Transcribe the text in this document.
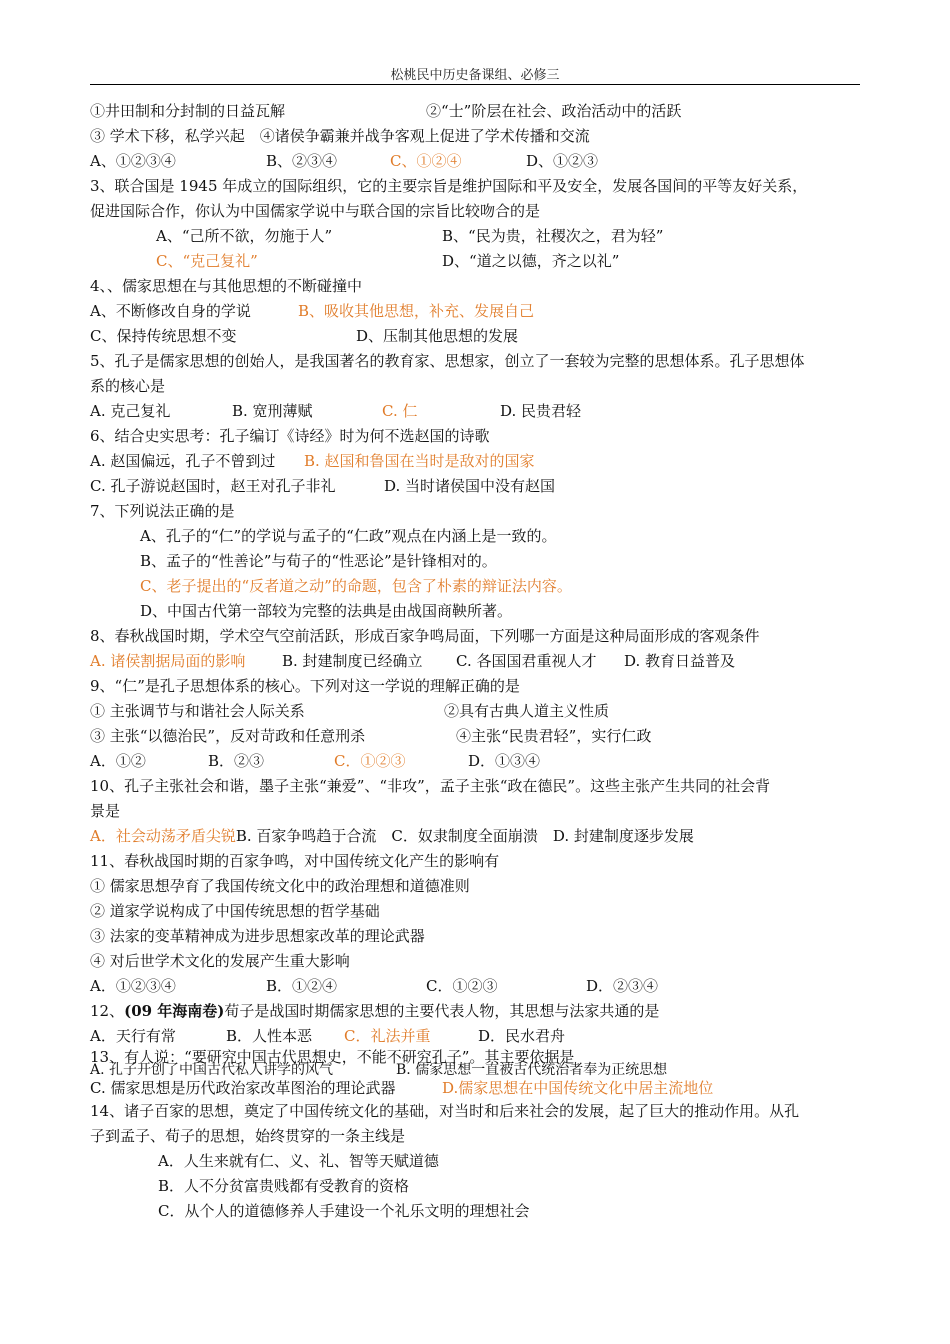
松桃民中历史备课组、必修三
①井田制和分封制的日益瓦解	②“士”阶层在社会、政治活动中的活跃
③ 学术下移，私学兴起　④诸侯争霸兼并战争客观上促进了学术传播和交流
A、①②③④	B、②③④	C、①②④	D、①②③
3、联合国是 1945 年成立的国际组织，它的主要宗旨是维护国际和平及安全，发展各国间的平等友好关系，
促进国际合作，你认为中国儒家学说中与联合国的宗旨比较吻合的是
A、“己所不欲，勿施于人”	B、“民为贵，社稷次之，君为轻”
C、“克己复礼”	D、“道之以德，齐之以礼”
4、、儒家思想在与其他思想的不断碰撞中
A、不断修改自身的学说	B、吸收其他思想，补充、发展自己
C、保持传统思想不变	D、压制其他思想的发展
5、孔子是儒家思想的创始人，是我国著名的教育家、思想家，创立了一套较为完整的思想体系。孔子思想体
系的核心是
A. 克己复礼	B. 宽刑薄赋	C. 仁	D. 民贵君轻
6、结合史实思考：孔子编订《诗经》时为何不选赵国的诗歌
A. 赵国偏远，孔子不曾到过 B. 赵国和鲁国在当时是敌对的国家
C. 孔子游说赵国时，赵王对孔子非礼	D. 当时诸侯国中没有赵国
7、下列说法正确的是
A、孔子的“仁”的学说与孟子的“仁政”观点在内涵上是一致的。
B、孟子的“性善论”与荀子的“性恶论”是针锋相对的。
C、老子提出的“反者道之动”的命题，包含了朴素的辩证法内容。
D、中国古代第一部较为完整的法典是由战国商鞅所著。
8、春秋战国时期，学术空气空前活跃，形成百家争鸣局面，下列哪一方面是这种局面形成的客观条件
A. 诸侯割据局面的影响 B. 封建制度已经确立 C. 各国国君重视人才 D. 教育日益普及
9、“仁”是孔子思想体系的核心。下列对这一学说的理解正确的是
① 主张调节与和谐社会人际关系	②具有古典人道主义性质
③ 主张“以德治民”，反对苛政和任意刑杀	④主张“民贵君轻”，实行仁政
A．①②	B．②③	C．①②③	D．①③④
10、孔子主张社会和谐，墨子主张“兼爱”、“非攻”，孟子主张“政在德民”。这些主张产生共同的社会背
景是
A．社会动荡矛盾尖锐B. 百家争鸣趋于合流　C．奴隶制度全面崩溃　D. 封建制度逐步发展
11、春秋战国时期的百家争鸣，对中国传统文化产生的影响有
① 儒家思想孕育了我国传统文化中的政治理想和道德准则
② 道家学说构成了中国传统思想的哲学基础
③ 法家的变革精神成为进步思想家改革的理论武器
④ 对后世学术文化的发展产生重大影响
A．①②③④	B．①②④	C．①②③	D．②③④
12、(09 年海南卷)荀子是战国时期儒家思想的主要代表人物，其思想与法家共通的是
A．天行有常	B．人性本恶 C．礼法并重	D．民水君舟
13、有人说：“要研究中国古代思想史，不能不研究孔子”。其主要依据是
A. 孔子开创了中国古代私人讲学的风气	B. 儒家思想一直被古代统治者奉为正统思想
C. 儒家思想是历代政治家改革图治的理论武器	D.儒家思想在中国传统文化中居主流地位
14、诸子百家的思想，奠定了中国传统文化的基础，对当时和后来社会的发展，起了巨大的推动作用。从孔
子到孟子、荀子的思想，始终贯穿的一条主线是
A．人生来就有仁、义、礼、智等天赋道德
B．人不分贫富贵贱都有受教育的资格
C．从个人的道德修养人手建设一个礼乐文明的理想社会
